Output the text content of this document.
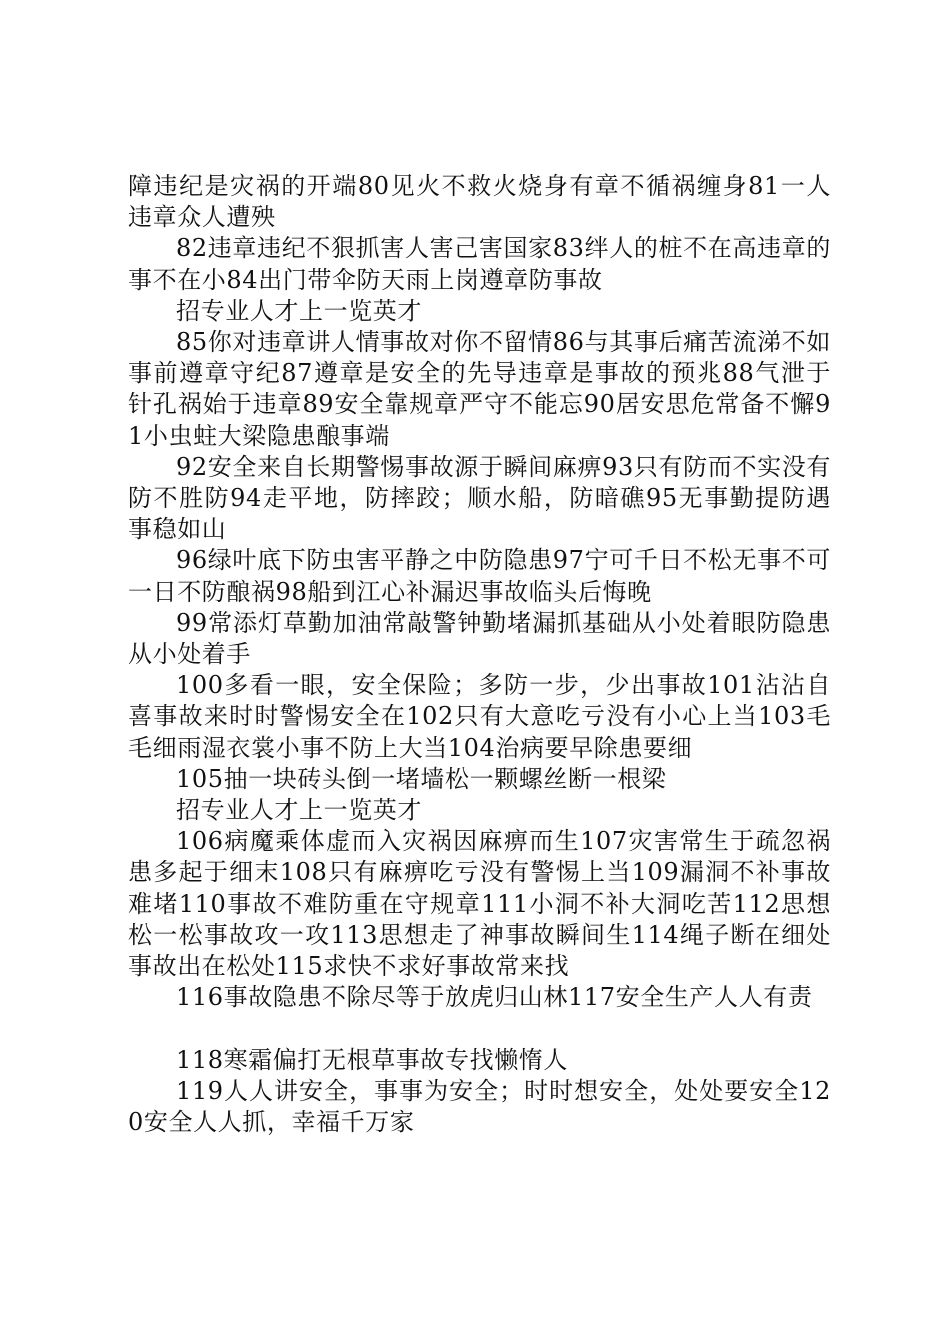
障违纪是灾祸的开端80见火不救火烧身有章不循祸缠身81一人违章众人遭殃

82违章违纪不狠抓害人害己害国家83绊人的桩不在高违章的事不在小84出门带伞防天雨上岗遵章防事故

招专业人才上一览英才

85你对违章讲人情事故对你不留情86与其事后痛苦流涕不如事前遵章守纪87遵章是安全的先导违章是事故的预兆88气泄于针孔祸始于违章89安全靠规章严守不能忘90居安思危常备不懈91小虫蛀大梁隐患酿事端

92安全来自长期警惕事故源于瞬间麻痹93只有防而不实没有防不胜防94走平地，防摔跤；顺水船，防暗礁95无事勤提防遇事稳如山

96绿叶底下防虫害平静之中防隐患97宁可千日不松无事不可一日不防酿祸98船到江心补漏迟事故临头后悔晚

99常添灯草勤加油常敲警钟勤堵漏抓基础从小处着眼防隐患从小处着手

100多看一眼，安全保险；多防一步，少出事故101沾沾自喜事故来时时警惕安全在102只有大意吃亏没有小心上当103毛毛细雨湿衣裳小事不防上大当104治病要早除患要细

105抽一块砖头倒一堵墙松一颗螺丝断一根梁

招专业人才上一览英才

106病魔乘体虚而入灾祸因麻痹而生107灾害常生于疏忽祸患多起于细末108只有麻痹吃亏没有警惕上当109漏洞不补事故难堵110事故不难防重在守规章111小洞不补大洞吃苦112思想松一松事故攻一攻113思想走了神事故瞬间生114绳子断在细处事故出在松处115求快不求好事故常来找

116事故隐患不除尽等于放虎归山林117安全生产人人有责

118寒霜偏打无根草事故专找懒惰人

119人人讲安全，事事为安全；时时想安全，处处要安全120安全人人抓，幸福千万家
